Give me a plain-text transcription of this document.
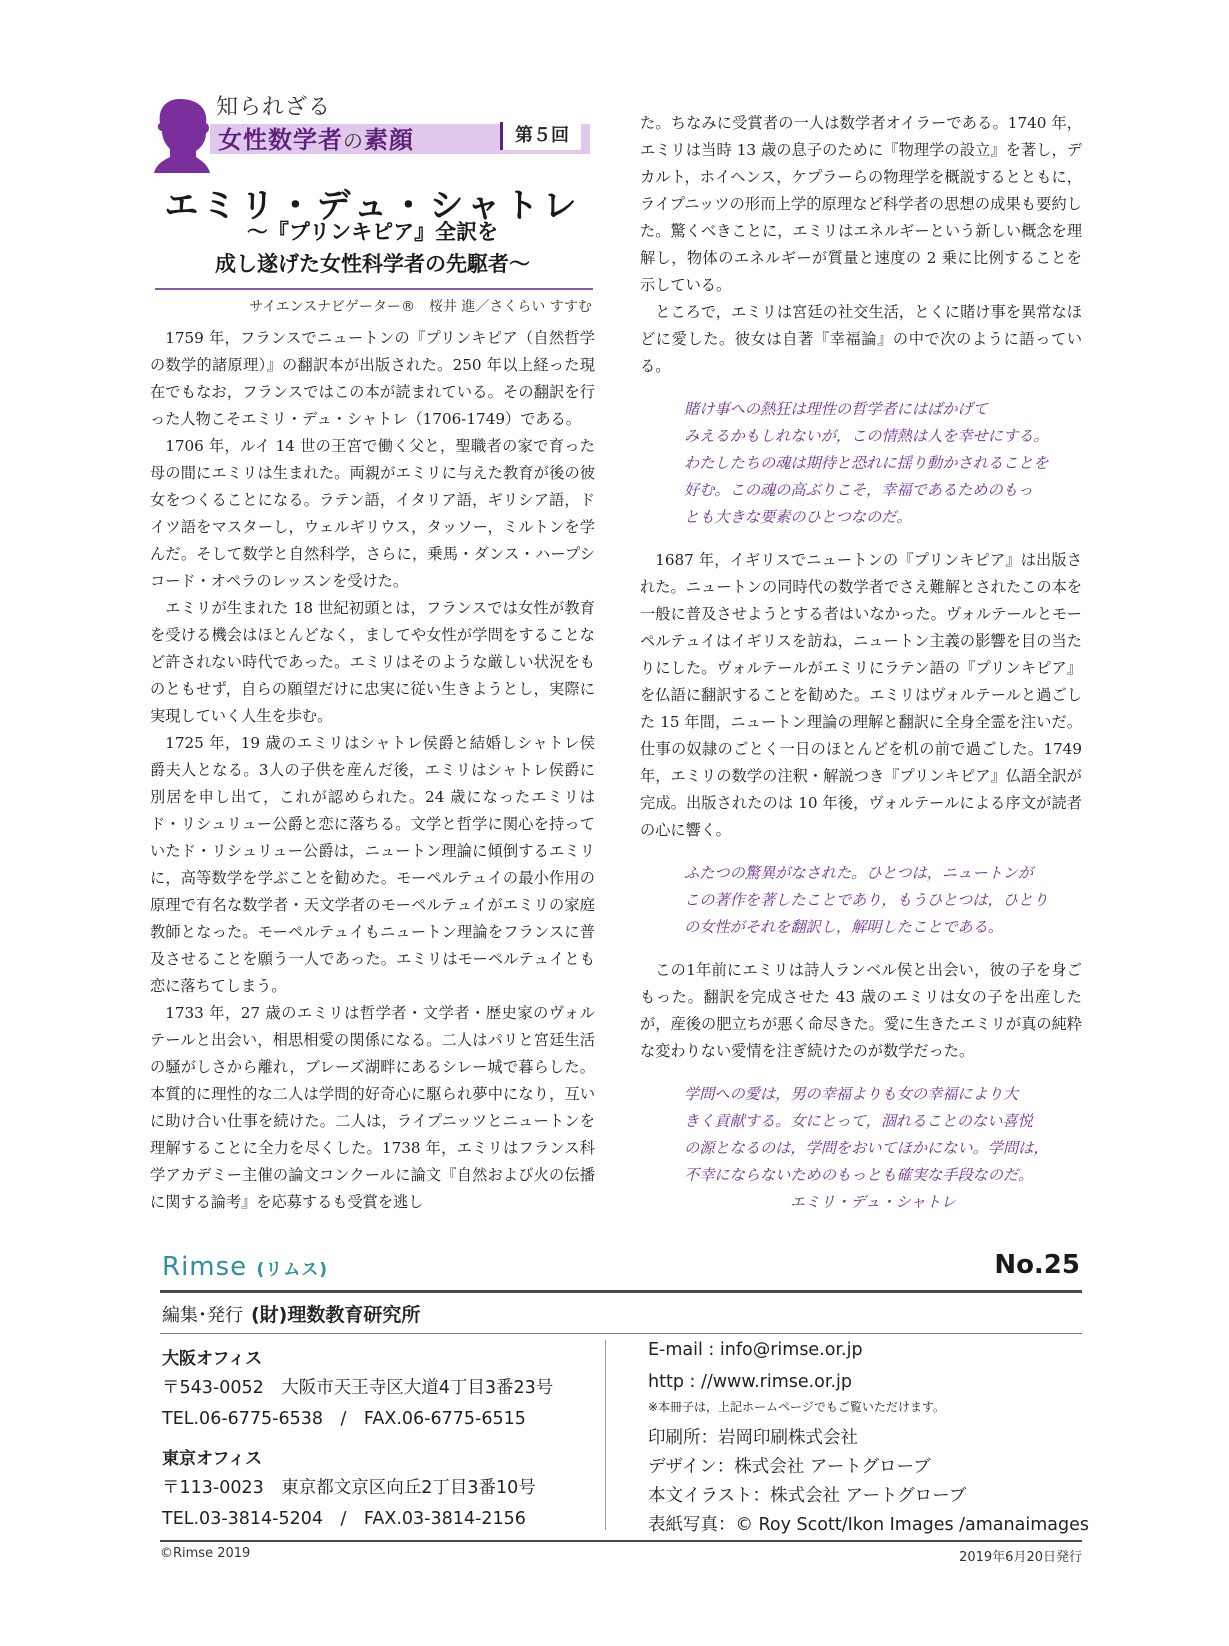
知られざる
女性数学者の素顔	第５回
エミリ・デュ・シャトレ
～『プリンキピア』全訳を
成し遂げた女性科学者の先駆者～
サイエンスナビゲーター®　桜井 進／さくらい すすむ

1759 年，フランスでニュートンの『プリンキピア（自然哲学の数学的諸原理）』の翻訳本が出版された。250 年以上経った現在でもなお，フランスではこの本が読まれている。その翻訳を行った人物こそエミリ・デュ・シャトレ（1706-1749）である。

1706 年，ルイ 14 世の王宮で働く父と，聖職者の家で育った母の間にエミリは生まれた。両親がエミリに与えた教育が後の彼女をつくることになる。ラテン語，イタリア語，ギリシア語，ドイツ語をマスターし，ウェルギリウス，タッソー，ミルトンを学んだ。そして数学と自然科学，さらに，乗馬・ダンス・ハープシコード・オペラのレッスンを受けた。

エミリが生まれた 18 世紀初頭とは，フランスでは女性が教育を受ける機会はほとんどなく，ましてや女性が学問をすることなど許されない時代であった。エミリはそのような厳しい状況をものともせず，自らの願望だけに忠実に従い生きようとし，実際に実現していく人生を歩む。

1725 年，19 歳のエミリはシャトレ侯爵と結婚しシャトレ侯爵夫人となる。3人の子供を産んだ後，エミリはシャトレ侯爵に別居を申し出て，これが認められた。24 歳になったエミリはド・リシュリュー公爵と恋に落ちる。文学と哲学に関心を持っていたド・リシュリュー公爵は，ニュートン理論に傾倒するエミリに，高等数学を学ぶことを勧めた。モーペルテュイの最小作用の原理で有名な数学者・天文学者のモーペルテュイがエミリの家庭教師となった。モーペルテュイもニュートン理論をフランスに普及させることを願う一人であった。エミリはモーペルテュイとも恋に落ちてしまう。

1733 年，27 歳のエミリは哲学者・文学者・歴史家のヴォルテールと出会い，相思相愛の関係になる。二人はパリと宮廷生活の騒がしさから離れ，ブレーズ湖畔にあるシレー城で暮らした。本質的に理性的な二人は学問的好奇心に駆られ夢中になり，互いに助け合い仕事を続けた。二人は，ライプニッツとニュートンを理解することに全力を尽くした。1738 年，エミリはフランス科学アカデミー主催の論文コンクールに論文『自然および火の伝播に関する論考』を応募するも受賞を逃し

た。ちなみに受賞者の一人は数学者オイラーである。1740 年，エミリは当時 13 歳の息子のために『物理学の設立』を著し，デカルト，ホイヘンス，ケプラーらの物理学を概説するとともに，ライプニッツの形而上学的原理など科学者の思想の成果も要約した。驚くべきことに，エミリはエネルギーという新しい概念を理解し，物体のエネルギーが質量と速度の 2 乗に比例することを示している。

ところで，エミリは宮廷の社交生活，とくに賭け事を異常なほどに愛した。彼女は自著『幸福論』の中で次のように語っている。

賭け事への熱狂は理性の哲学者にはばかげて
みえるかもしれないが，この情熱は人を幸せにする。
わたしたちの魂は期待と恐れに揺り動かされることを
好む。この魂の高ぶりこそ，幸福であるためのもっ
とも大きな要素のひとつなのだ。

1687 年，イギリスでニュートンの『プリンキピア』は出版された。ニュートンの同時代の数学者でさえ難解とされたこの本を一般に普及させようとする者はいなかった。ヴォルテールとモーペルテュイはイギリスを訪ね，ニュートン主義の影響を目の当たりにした。ヴォルテールがエミリにラテン語の『プリンキピア』を仏語に翻訳することを勧めた。エミリはヴォルテールと過ごした 15 年間，ニュートン理論の理解と翻訳に全身全霊を注いだ。仕事の奴隷のごとく一日のほとんどを机の前で過ごした。1749 年，エミリの数学の注釈・解説つき『プリンキピア』仏語全訳が完成。出版されたのは 10 年後，ヴォルテールによる序文が読者の心に響く。

ふたつの驚異がなされた。ひとつは，ニュートンが
この著作を著したことであり，もうひとつは，ひとり
の女性がそれを翻訳し，解明したことである。

この1年前にエミリは詩人ランベル侯と出会い，彼の子を身ごもった。翻訳を完成させた 43 歳のエミリは女の子を出産したが，産後の肥立ちが悪く命尽きた。愛に生きたエミリが真の純粋な変わりない愛情を注ぎ続けたのが数学だった。

学問への愛は，男の幸福よりも女の幸福により大
きく貢献する。女にとって，涸れることのない喜悦
の源となるのは，学問をおいてほかにない。学問は，
不幸にならないためのもっとも確実な手段なのだ。
エミリ・デュ・シャトレ
Rimse (リムス)	No.25
編集･発行 (財)理数教育研究所
大阪オフィス
〒543-0052　大阪市天王寺区大道4丁目3番23号
TEL.06-6775-6538　/　FAX.06-6775-6515
東京オフィス
〒113-0023　東京都文京区向丘2丁目3番10号
TEL.03-3814-5204　/　FAX.03-3814-2156
E-mail : info@rimse.or.jp
http : //www.rimse.or.jp
※本冊子は，上記ホームページでもご覧いただけます。
印刷所：岩岡印刷株式会社
デザイン：株式会社 アートグローブ
本文イラスト：株式会社 アートグローブ
表紙写真：© Roy Scott/Ikon Images /amanaimages
©Rimse 2019	2019年6月20日発行
